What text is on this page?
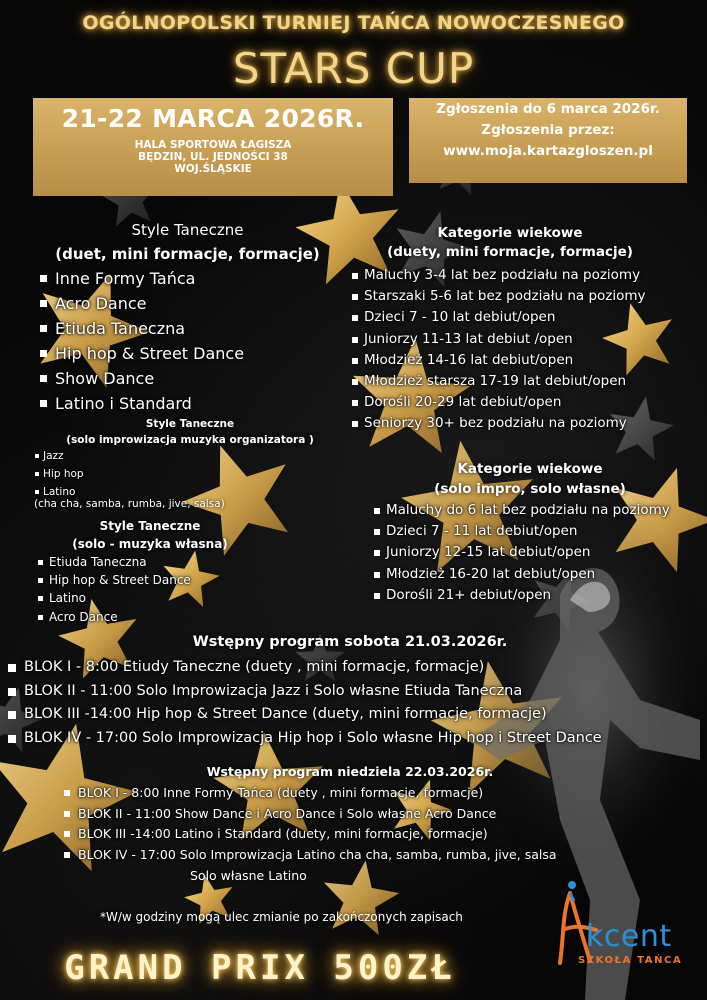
OGÓLNOPOLSKI TURNIEJ TAŃCA NOWOCZESNEGO
STARS CUP
21-22 MARCA 2026R.
HALA SPORTOWA ŁAGISZA
BĘDZIN, UL. JEDNOŚCI 38
WOJ.ŚLĄSKIE
Zgłoszenia do 6 marca 2026r.
Zgłoszenia przez:
www.moja.kartazgloszen.pl
Style Taneczne
(duet, mini formacje, formacje)
Inne Formy Tańca
Acro Dance
Etiuda Taneczna
Hip hop & Street Dance
Show Dance
Latino i Standard
Style Taneczne
(solo improwizacja muzyka organizatora )
Jazz
Hip hop
Latino
(cha cha, samba, rumba, jive, salsa)
Style Taneczne
(solo - muzyka własna)
Etiuda Taneczna
Hip hop & Street Dance
Latino
Acro Dance
Kategorie wiekowe
(duety, mini formacje, formacje)
Maluchy 3-4 lat bez podziału na poziomy
Starszaki 5-6 lat bez podziału na poziomy
Dzieci 7 - 10 lat debiut/open
Juniorzy 11-13 lat debiut /open
Młodzież 14-16 lat debiut/open
Młodzież starsza 17-19 lat debiut/open
Dorośli 20-29 lat debiut/open
Seniorzy 30+ bez podziału na poziomy
Kategorie wiekowe
(solo impro, solo własne)
Maluchy do 6 lat bez podziału na poziomy
Dzieci 7 - 11 lat debiut/open
Juniorzy 12-15 lat debiut/open
Młodzież 16-20 lat debiut/open
Dorośli 21+ debiut/open
Wstępny program sobota 21.03.2026r.
BLOK I - 8:00 Etiudy Taneczne (duety , mini formacje, formacje)
BLOK II - 11:00 Solo Improwizacja Jazz i Solo własne Etiuda Taneczna
BLOK III -14:00 Hip hop & Street Dance (duety, mini formacje, formacje)
BLOK IV - 17:00 Solo Improwizacja Hip hop i Solo własne Hip hop i Street Dance
Wstępny program niedziela 22.03.2026r.
BLOK I - 8:00 Inne Formy Tańca (duety , mini formacje, formacje)
BLOK II - 11:00 Show Dance i Acro Dance i Solo własne Acro Dance
BLOK III -14:00 Latino i Standard (duety, mini formacje, formacje)
BLOK IV - 17:00 Solo Improwizacja Latino cha cha, samba, rumba, jive, salsa
Solo własne Latino
*W/w godziny mogą ulec zmianie po zakończonych zapisach
GRAND PRIX 500ZŁ
kcent
SZKOŁA TAŃCA
